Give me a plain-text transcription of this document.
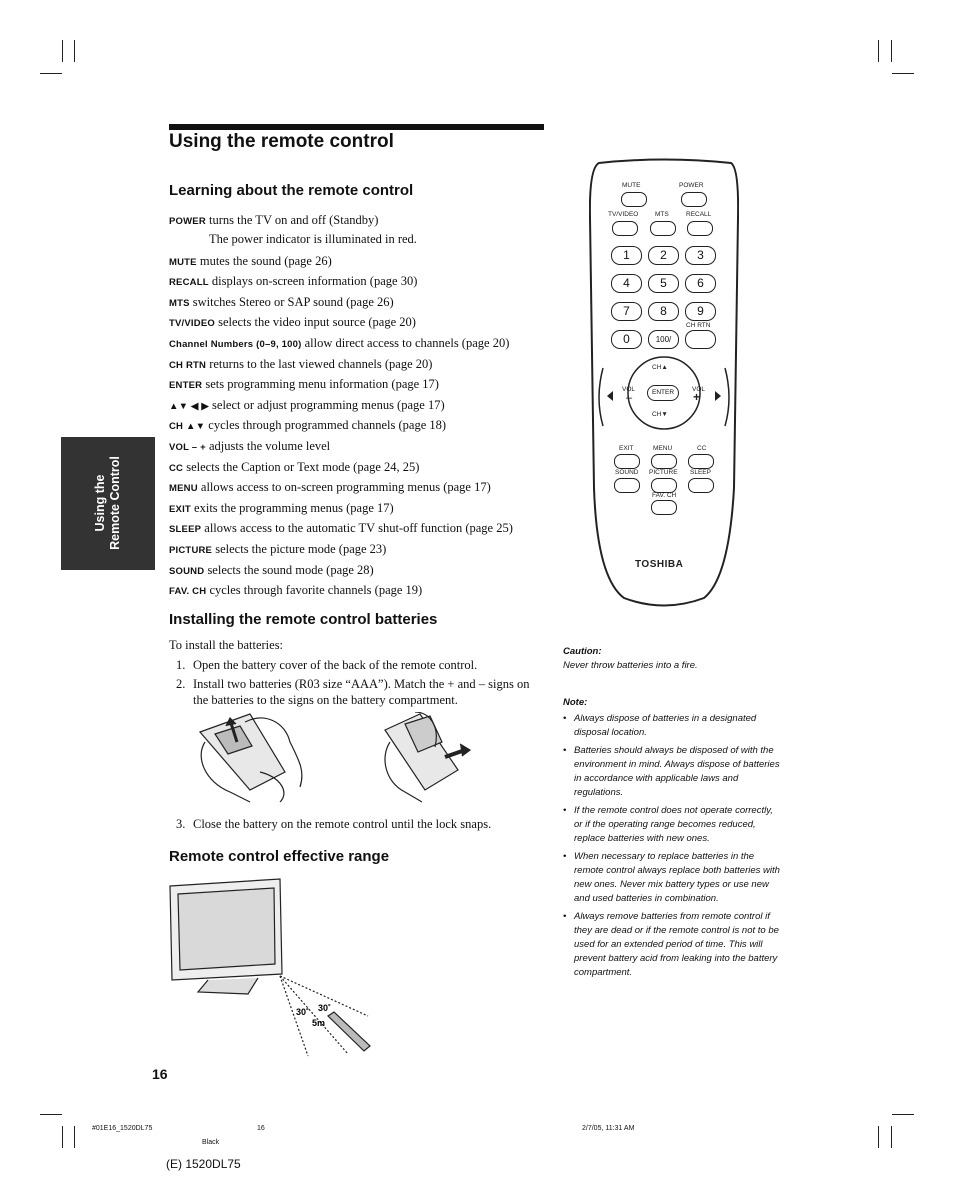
Using the remote control
Using the
Remote Control
Learning about the remote control
POWER turns the TV on and off (Standby)
The power indicator is illuminated in red.
MUTE mutes the sound (page 26)
RECALL displays on-screen information (page 30)
MTS switches Stereo or SAP sound (page 26)
TV/VIDEO selects the video input source (page 20)
Channel Numbers (0–9, 100) allow direct access to channels (page 20)
CH RTN returns to the last viewed channels (page 20)
ENTER sets programming menu information (page 17)
▲▼ ◀ ▶ select or adjust programming menus (page 17)
CH ▲▼ cycles through programmed channels (page 18)
VOL – + adjusts the volume level
CC selects the Caption or Text mode (page 24, 25)
MENU allows access to on-screen programming menus (page 17)
EXIT exits the programming menus (page 17)
SLEEP allows access to the automatic TV shut-off function (page 25)
PICTURE selects the picture mode (page 23)
SOUND selects the sound mode (page 28)
FAV. CH cycles through favorite channels (page 19)
Installing the remote control batteries
To install the batteries:
1. Open the battery cover of the back of the remote control.
2. Install two batteries (R03 size “AAA”). Match the + and – signs on the batteries to the signs on the battery compartment.
3. Close the battery on the remote control until the lock snaps.
Remote control effective range
30˚ 30˚
5m
MUTE	POWER
TV/VIDEO	MTS	RECALL
1	2	3
4	5	6
7	8	9
CH RTN
0	100/
CH▲
CH▼
VOL	VOL
–	+
ENTER
EXIT	MENU	CC
SOUND PICTURE SLEEP
FAV. CH
TOSHIBA
Caution:
Never throw batteries into a fire.
Note:
• Always dispose of batteries in a designated disposal location.
• Batteries should always be disposed of with the environment in mind. Always dispose of batteries in accordance with applicable laws and regulations.
• If the remote control does not operate correctly, or if the operating range becomes reduced, replace batteries with new ones.
• When necessary to replace batteries in the remote control always replace both batteries with new ones. Never mix battery types or use new and used batteries in combination.
• Always remove batteries from remote control if they are dead or if the remote control is not to be used for an extended period of time. This will prevent battery acid from leaking into the battery compartment.
16
#01E16_1520DL75	16	2/7/05, 11:31 AM
Black
(E) 1520DL75
